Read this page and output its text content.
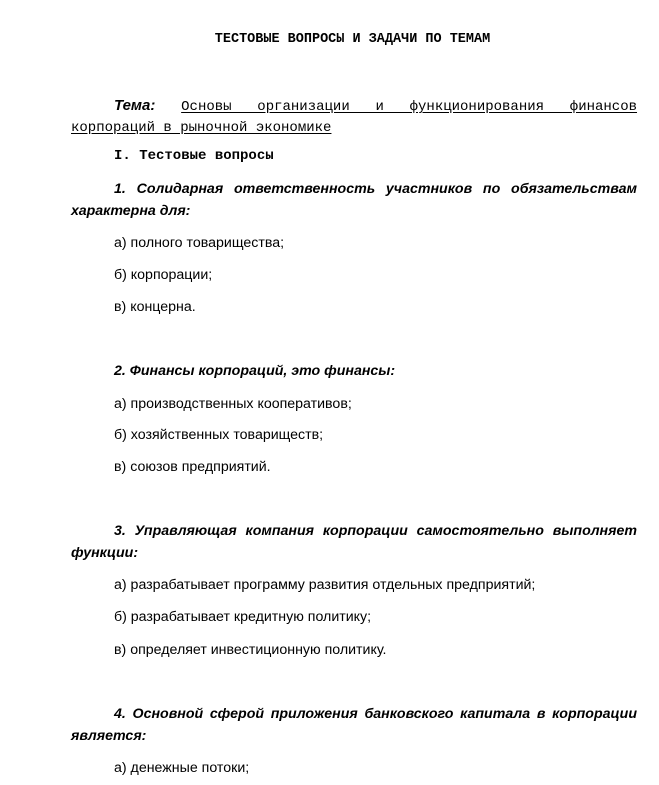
ТЕСТОВЫЕ ВОПРОСЫ И ЗАДАЧИ ПО ТЕМАМ
Тема: Основы организации и функционирования финансов корпораций в рыночной экономике
I. Тестовые вопросы
1. Солидарная ответственность участников по обязательствам характерна для:
а) полного товарищества;
б) корпорации;
в) концерна.
2. Финансы корпораций, это финансы:
а) производственных кооперативов;
б) хозяйственных товариществ;
в) союзов предприятий.
3. Управляющая компания корпорации самостоятельно выполняет функции:
а) разрабатывает программу развития отдельных предприятий;
б) разрабатывает кредитную политику;
в) определяет инвестиционную политику.
4. Основной сферой приложения банковского капитала в корпорации является:
а) денежные потоки;
